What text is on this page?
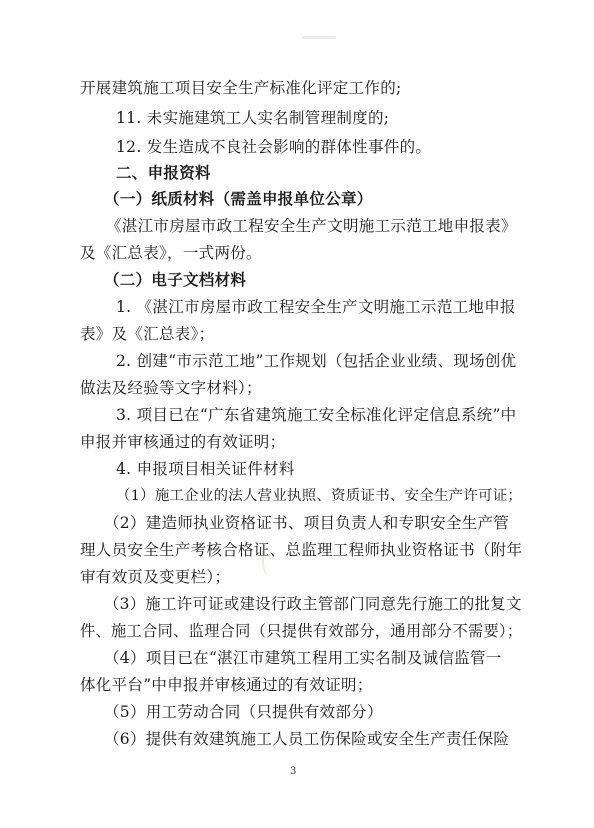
开展建筑施工项目安全生产标准化评定工作的;
11. 未实施建筑工人实名制管理制度的;
12. 发生造成不良社会影响的群体性事件的。
二、申报资料
（一）纸质材料（需盖申报单位公章）
《湛江市房屋市政工程安全生产文明施工示范工地申报表》
及《汇总表》，一式两份。
（二）电子文档材料
1. 《湛江市房屋市政工程安全生产文明施工示范工地申报
表》及《汇总表》；
2. 创建“市示范工地”工作规划（包括企业业绩、现场创优
做法及经验等文字材料）；
3. 项目已在“广东省建筑施工安全标准化评定信息系统”中
申报并审核通过的有效证明；
4. 申报项目相关证件材料
（1）施工企业的法人营业执照、资质证书、安全生产许可证；
（2）建造师执业资格证书、项目负责人和专职安全生产管
理人员安全生产考核合格证、总监理工程师执业资格证书（附年
审有效页及变更栏）；
（3）施工许可证或建设行政主管部门同意先行施工的批复文
件、施工合同、监理合同（只提供有效部分，通用部分不需要）；
（4）项目已在“湛江市建筑工程用工实名制及诚信监管一
体化平台”中申报并审核通过的有效证明；
（5）用工劳动合同（只提供有效部分）
（6）提供有效建筑施工人员工伤保险或安全生产责任保险
3
